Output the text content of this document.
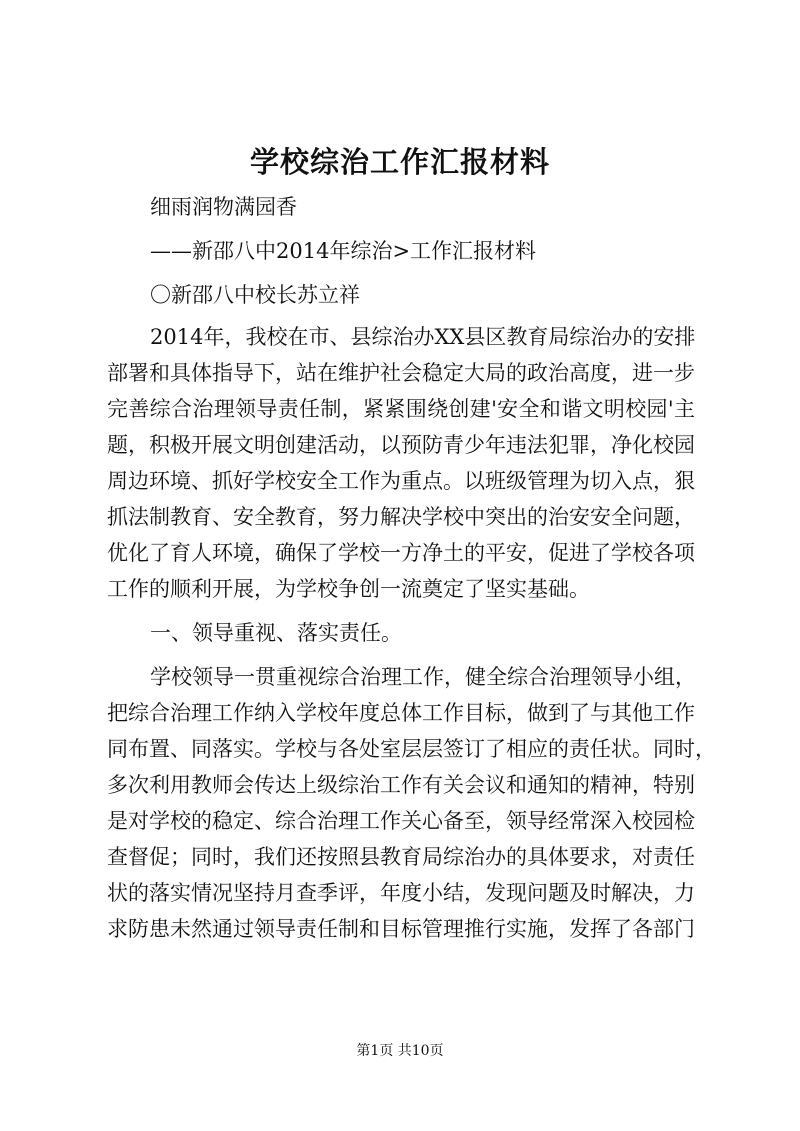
学校综治工作汇报材料
细雨润物满园香
——新邵八中2014年综治>工作汇报材料
〇新邵八中校长苏立祥
2014年，我校在市、县综治办XX县区教育局综治办的安排
部署和具体指导下，站在维护社会稳定大局的政治高度，进一步
完善综合治理领导责任制，紧紧围绕创建'安全和谐文明校园'主
题，积极开展文明创建活动，以预防青少年违法犯罪，净化校园
周边环境、抓好学校安全工作为重点。以班级管理为切入点，狠
抓法制教育、安全教育，努力解决学校中突出的治安安全问题，
优化了育人环境，确保了学校一方净土的平安，促进了学校各项
工作的顺利开展，为学校争创一流奠定了坚实基础。
一、领导重视、落实责任。
学校领导一贯重视综合治理工作，健全综合治理领导小组，
把综合治理工作纳入学校年度总体工作目标，做到了与其他工作
同布置、同落实。学校与各处室层层签订了相应的责任状。同时，
多次利用教师会传达上级综治工作有关会议和通知的精神，特别
是对学校的稳定、综合治理工作关心备至，领导经常深入校园检
查督促；同时，我们还按照县教育局综治办的具体要求，对责任
状的落实情况坚持月查季评，年度小结，发现问题及时解决，力
求防患未然通过领导责任制和目标管理推行实施，发挥了各部门
第1页 共10页
